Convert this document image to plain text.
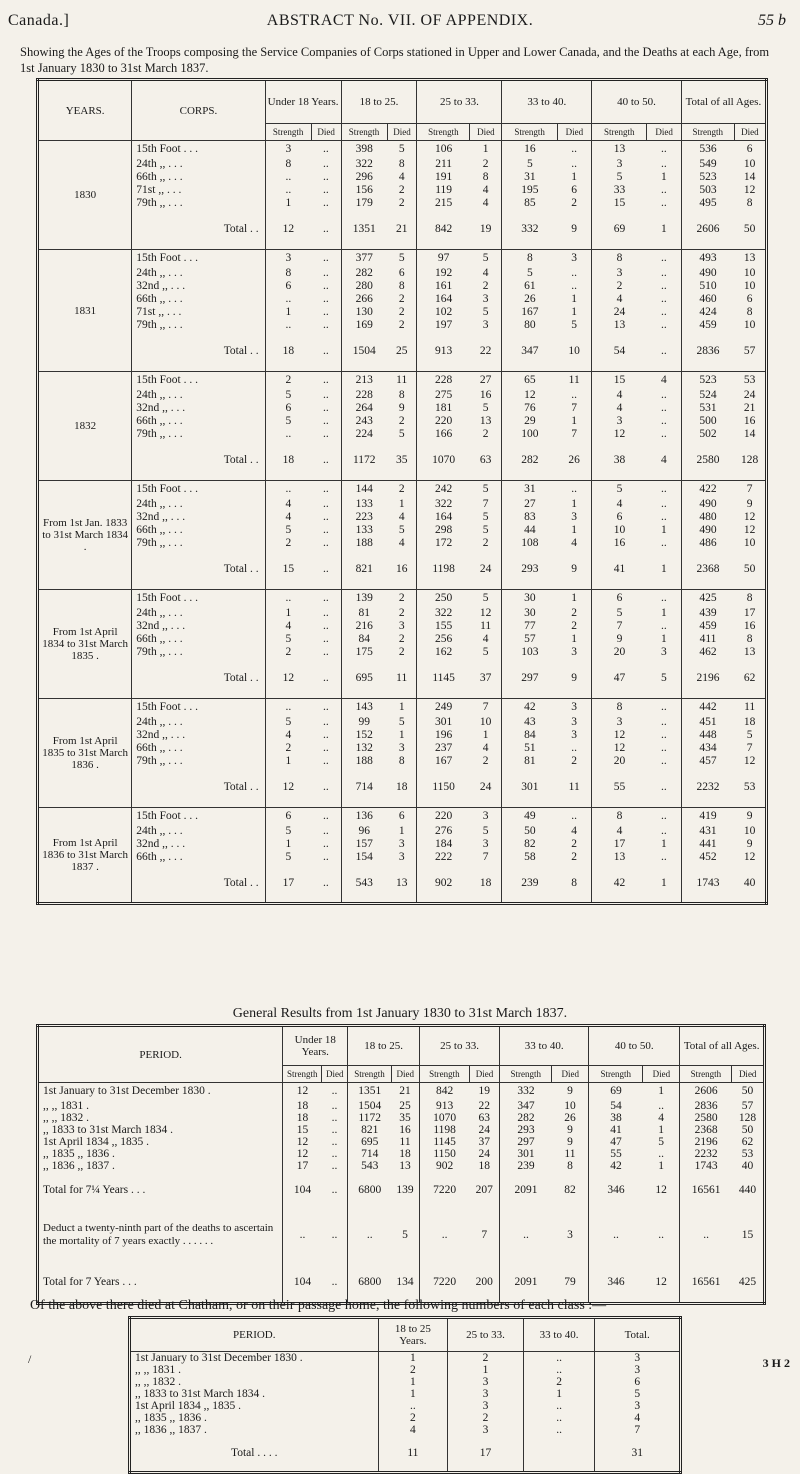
Canada.]	ABSTRACT No. VII. OF APPENDIX.	55 b
Showing the Ages of the Troops composing the Service Companies of Corps stationed in Upper and Lower Canada, and the Deaths at each Age, from 1st January 1830 to 31st March 1837.
YEARS.	CORPS.	Under 18 Years.		18 to 25.		25 to 33.		33 to 40.		40 to 50.		Total of all Ages.	
		Strength	Died	Strength	Died	Strength	Died	Strength	Died	Strength	Died	Strength	Died
1830	15th Foot . . .	3	..	398	5	106	1	16	..	13	..	536	6
	24th ,, . . .	8	..	322	8	211	2	5	..	3	..	549	10
	66th ,, . . .	..	..	296	4	191	8	31	1	5	1	523	14
	71st ,, . . .	..	..	156	2	119	4	195	6	33	..	503	12
	79th ,, . . .	1	..	179	2	215	4	85	2	15	..	495	8
	Total . .	12	..	1351	21	842	19	332	9	69	1	2606	50
1831	15th Foot . . .	3	..	377	5	97	5	8	3	8	..	493	13
	24th ,, . . .	8	..	282	6	192	4	5	..	3	..	490	10
	32nd ,, . . .	6	..	280	8	161	2	61	..	2	..	510	10
	66th ,, . . .	..	..	266	2	164	3	26	1	4	..	460	6
	71st ,, . . .	1	..	130	2	102	5	167	1	24	..	424	8
	79th ,, . . .	..	..	169	2	197	3	80	5	13	..	459	10
	Total . .	18	..	1504	25	913	22	347	10	54	..	2836	57
1832	15th Foot . . .	2	..	213	11	228	27	65	11	15	4	523	53
	24th ,, . . .	5	..	228	8	275	16	12	..	4	..	524	24
	32nd ,, . . .	6	..	264	9	181	5	76	7	4	..	531	21
	66th ,, . . .	5	..	243	2	220	13	29	1	3	..	500	16
	79th ,, . . .	..	..	224	5	166	2	100	7	12	..	502	14
	Total . .	18	..	1172	35	1070	63	282	26	38	4	2580	128
From 1st Jan. 1833 to 31st March 1834 .	15th Foot . . .	..	..	144	2	242	5	31	..	5	..	422	7
	24th ,, . . .	4	..	133	1	322	7	27	1	4	..	490	9
	32nd ,, . . .	4	..	223	4	164	5	83	3	6	..	480	12
	66th ,, . . .	5	..	133	5	298	5	44	1	10	1	490	12
	79th ,, . . .	2	..	188	4	172	2	108	4	16	..	486	10
	Total . .	15	..	821	16	1198	24	293	9	41	1	2368	50
From 1st April 1834 to 31st March 1835 .	15th Foot . . .	..	..	139	2	250	5	30	1	6	..	425	8
	24th ,, . . .	1	..	81	2	322	12	30	2	5	1	439	17
	32nd ,, . . .	4	..	216	3	155	11	77	2	7	..	459	16
	66th ,, . . .	5	..	84	2	256	4	57	1	9	1	411	8
	79th ,, . . .	2	..	175	2	162	5	103	3	20	3	462	13
	Total . .	12	..	695	11	1145	37	297	9	47	5	2196	62
From 1st April 1835 to 31st March 1836 .	15th Foot . . .	..	..	143	1	249	7	42	3	8	..	442	11
	24th ,, . . .	5	..	99	5	301	10	43	3	3	..	451	18
	32nd ,, . . .	4	..	152	1	196	1	84	3	12	..	448	5
	66th ,, . . .	2	..	132	3	237	4	51	..	12	..	434	7
	79th ,, . . .	1	..	188	8	167	2	81	2	20	..	457	12
	Total . .	12	..	714	18	1150	24	301	11	55	..	2232	53
From 1st April 1836 to 31st March 1837 .	15th Foot . . .	6	..	136	6	220	3	49	..	8	..	419	9
	24th ,, . . .	5	..	96	1	276	5	50	4	4	..	431	10
	32nd ,, . . .	1	..	157	3	184	3	82	2	17	1	441	9
	66th ,, . . .	5	..	154	3	222	7	58	2	13	..	452	12
	Total . .	17	..	543	13	902	18	239	8	42	1	1743	40
General Results from 1st January 1830 to 31st March 1837.
PERIOD.	Under 18 Years.		18 to 25.		25 to 33.		33 to 40.		40 to 50.		Total of all Ages.	
	Strength	Died	Strength	Died	Strength	Died	Strength	Died	Strength	Died	Strength	Died
1st January to 31st December 1830 .	12	..	1351	21	842	19	332	9	69	1	2606	50
,, ,, 1831 .	18	..	1504	25	913	22	347	10	54	..	2836	57
,, ,, 1832 .	18	..	1172	35	1070	63	282	26	38	4	2580	128
,, 1833 to 31st March 1834 .	15	..	821	16	1198	24	293	9	41	1	2368	50
1st April 1834 ,, 1835 .	12	..	695	11	1145	37	297	9	47	5	2196	62
,, 1835 ,, 1836 .	12	..	714	18	1150	24	301	11	55	..	2232	53
,, 1836 ,, 1837 .	17	..	543	13	902	18	239	8	42	1	1743	40
Total for 7¼ Years . . .	104	..	6800	139	7220	207	2091	82	346	12	16561	440
Deduct a twenty-ninth part of the deaths to ascertain the mortality of 7 years exactly . . . . . .	..	..	..	5	..	7	..	3	..	..	..	15
Total for 7 Years . . .	104	..	6800	134	7220	200	2091	79	346	12	16561	425
Of the above there died at Chatham, or on their passage home, the following numbers of each class :—
PERIOD.	18 to 25 Years.	25 to 33.	33 to 40.	Total.
1st January to 31st December 1830 .	1	2	..	3
,, ,, 1831 .	2	1	..	3
,, ,, 1832 .	1	3	2	6
,, 1833 to 31st March 1834 .	1	3	1	5
1st April 1834 ,, 1835 .	..	3	..	3
,, 1835 ,, 1836 .	2	2	..	4
,, 1836 ,, 1837 .	4	3	..	7
Total . . . .	11	17		31
/	3 H 2
